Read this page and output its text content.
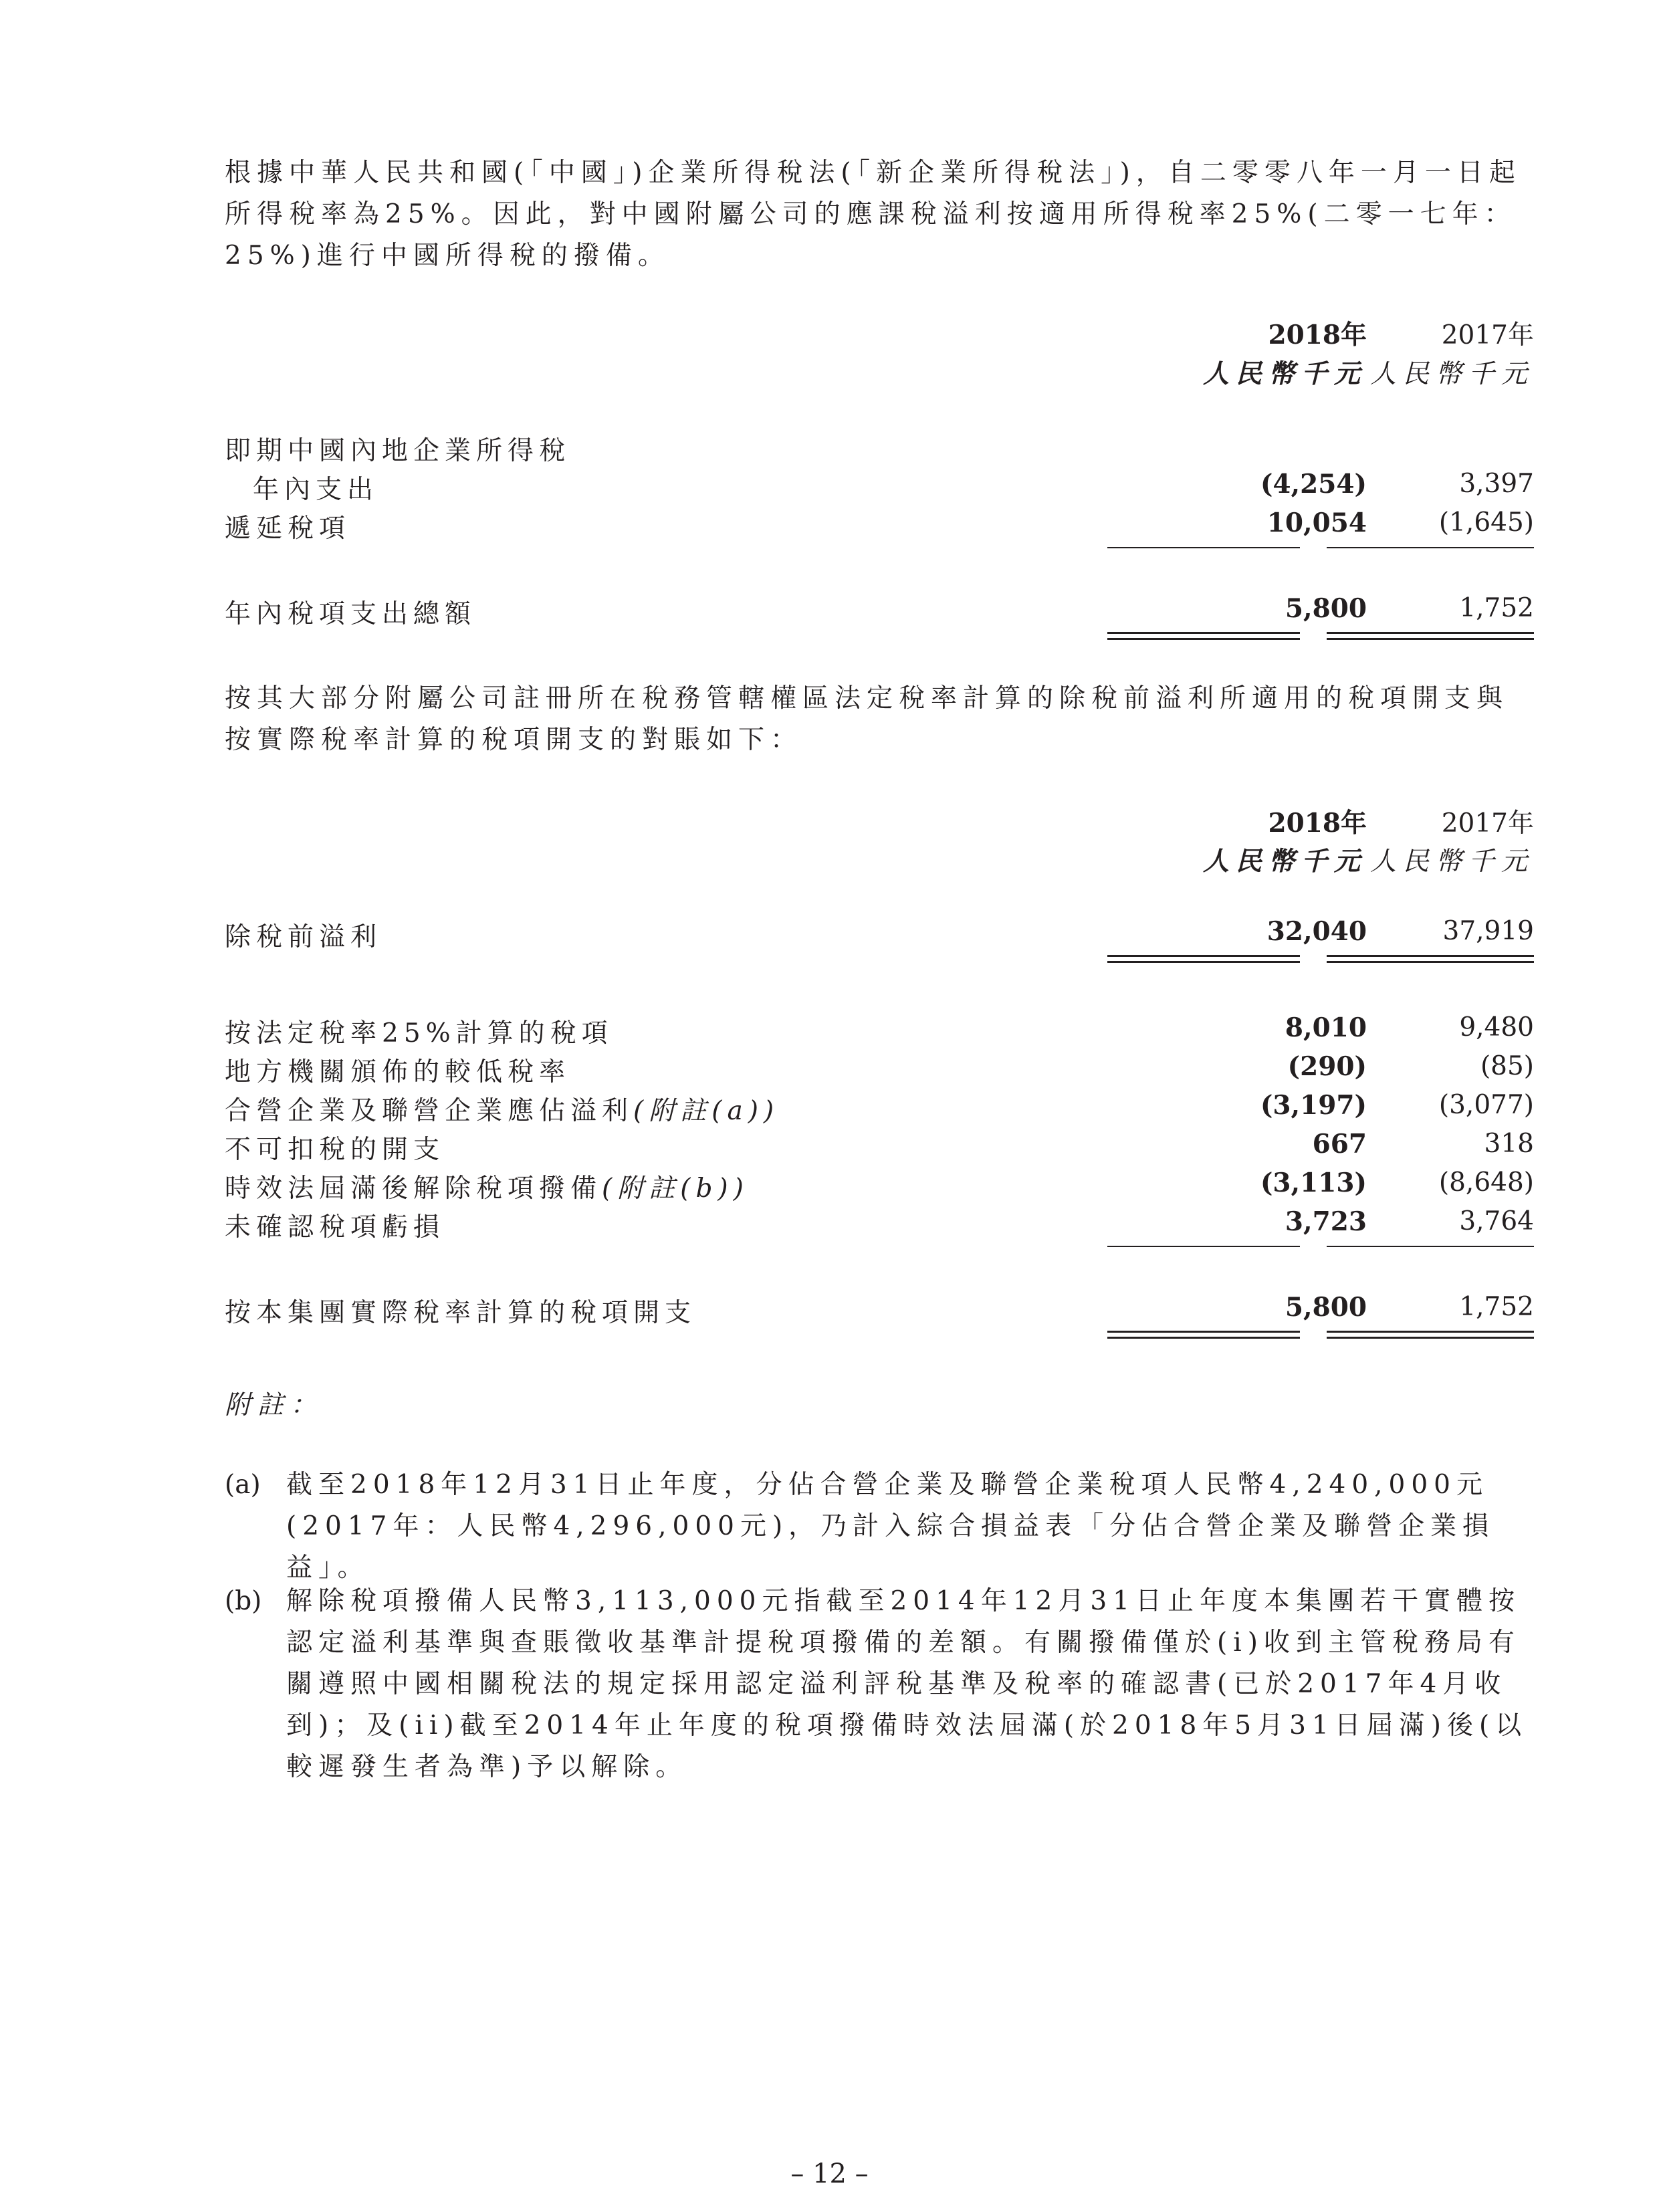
根據中華人民共和國(「中國」)企業所得稅法(「新企業所得稅法」)，自二零零八年一月一日起所得稅率為25%。因此，對中國附屬公司的應課稅溢利按適用所得稅率25%(二零一七年：25%)進行中國所得稅的撥備。

2018年	2017年
人民幣千元 人民幣千元
即期中國內地企業所得稅
年內支出	(4,254)	3,397
遞延稅項	10,054	(1,645)
年內稅項支出總額	5,800	1,752

按其大部分附屬公司註冊所在稅務管轄權區法定稅率計算的除稅前溢利所適用的稅項開支與按實際稅率計算的稅項開支的對賬如下：

2018年	2017年
人民幣千元 人民幣千元
除稅前溢利	32,040	37,919
按法定稅率25%計算的稅項	8,010	9,480
地方機關頒佈的較低稅率	(290)	(85)
合營企業及聯營企業應佔溢利(附註(a))	(3,197)	(3,077)
不可扣稅的開支	667	318
時效法屆滿後解除稅項撥備(附註(b))	(3,113)	(8,648)
未確認稅項虧損	3,723	3,764
按本集團實際稅率計算的稅項開支	5,800	1,752
附註：
(a) 截至2018年12月31日止年度，分佔合營企業及聯營企業稅項人民幣4,240,000元(2017年：人民幣4,296,000元)，乃計入綜合損益表「分佔合營企業及聯營企業損益」。

(b) 解除稅項撥備人民幣3,113,000元指截至2014年12月31日止年度本集團若干實體按認定溢利基準與查賬徵收基準計提稅項撥備的差額。有關撥備僅於(i)收到主管稅務局有關遵照中國相關稅法的規定採用認定溢利評稅基準及稅率的確認書(已於2017年4月收到)；及(ii)截至2014年止年度的稅項撥備時效法屆滿(於2018年5月31日屆滿)後(以較遲發生者為準)予以解除。

– 12 –
